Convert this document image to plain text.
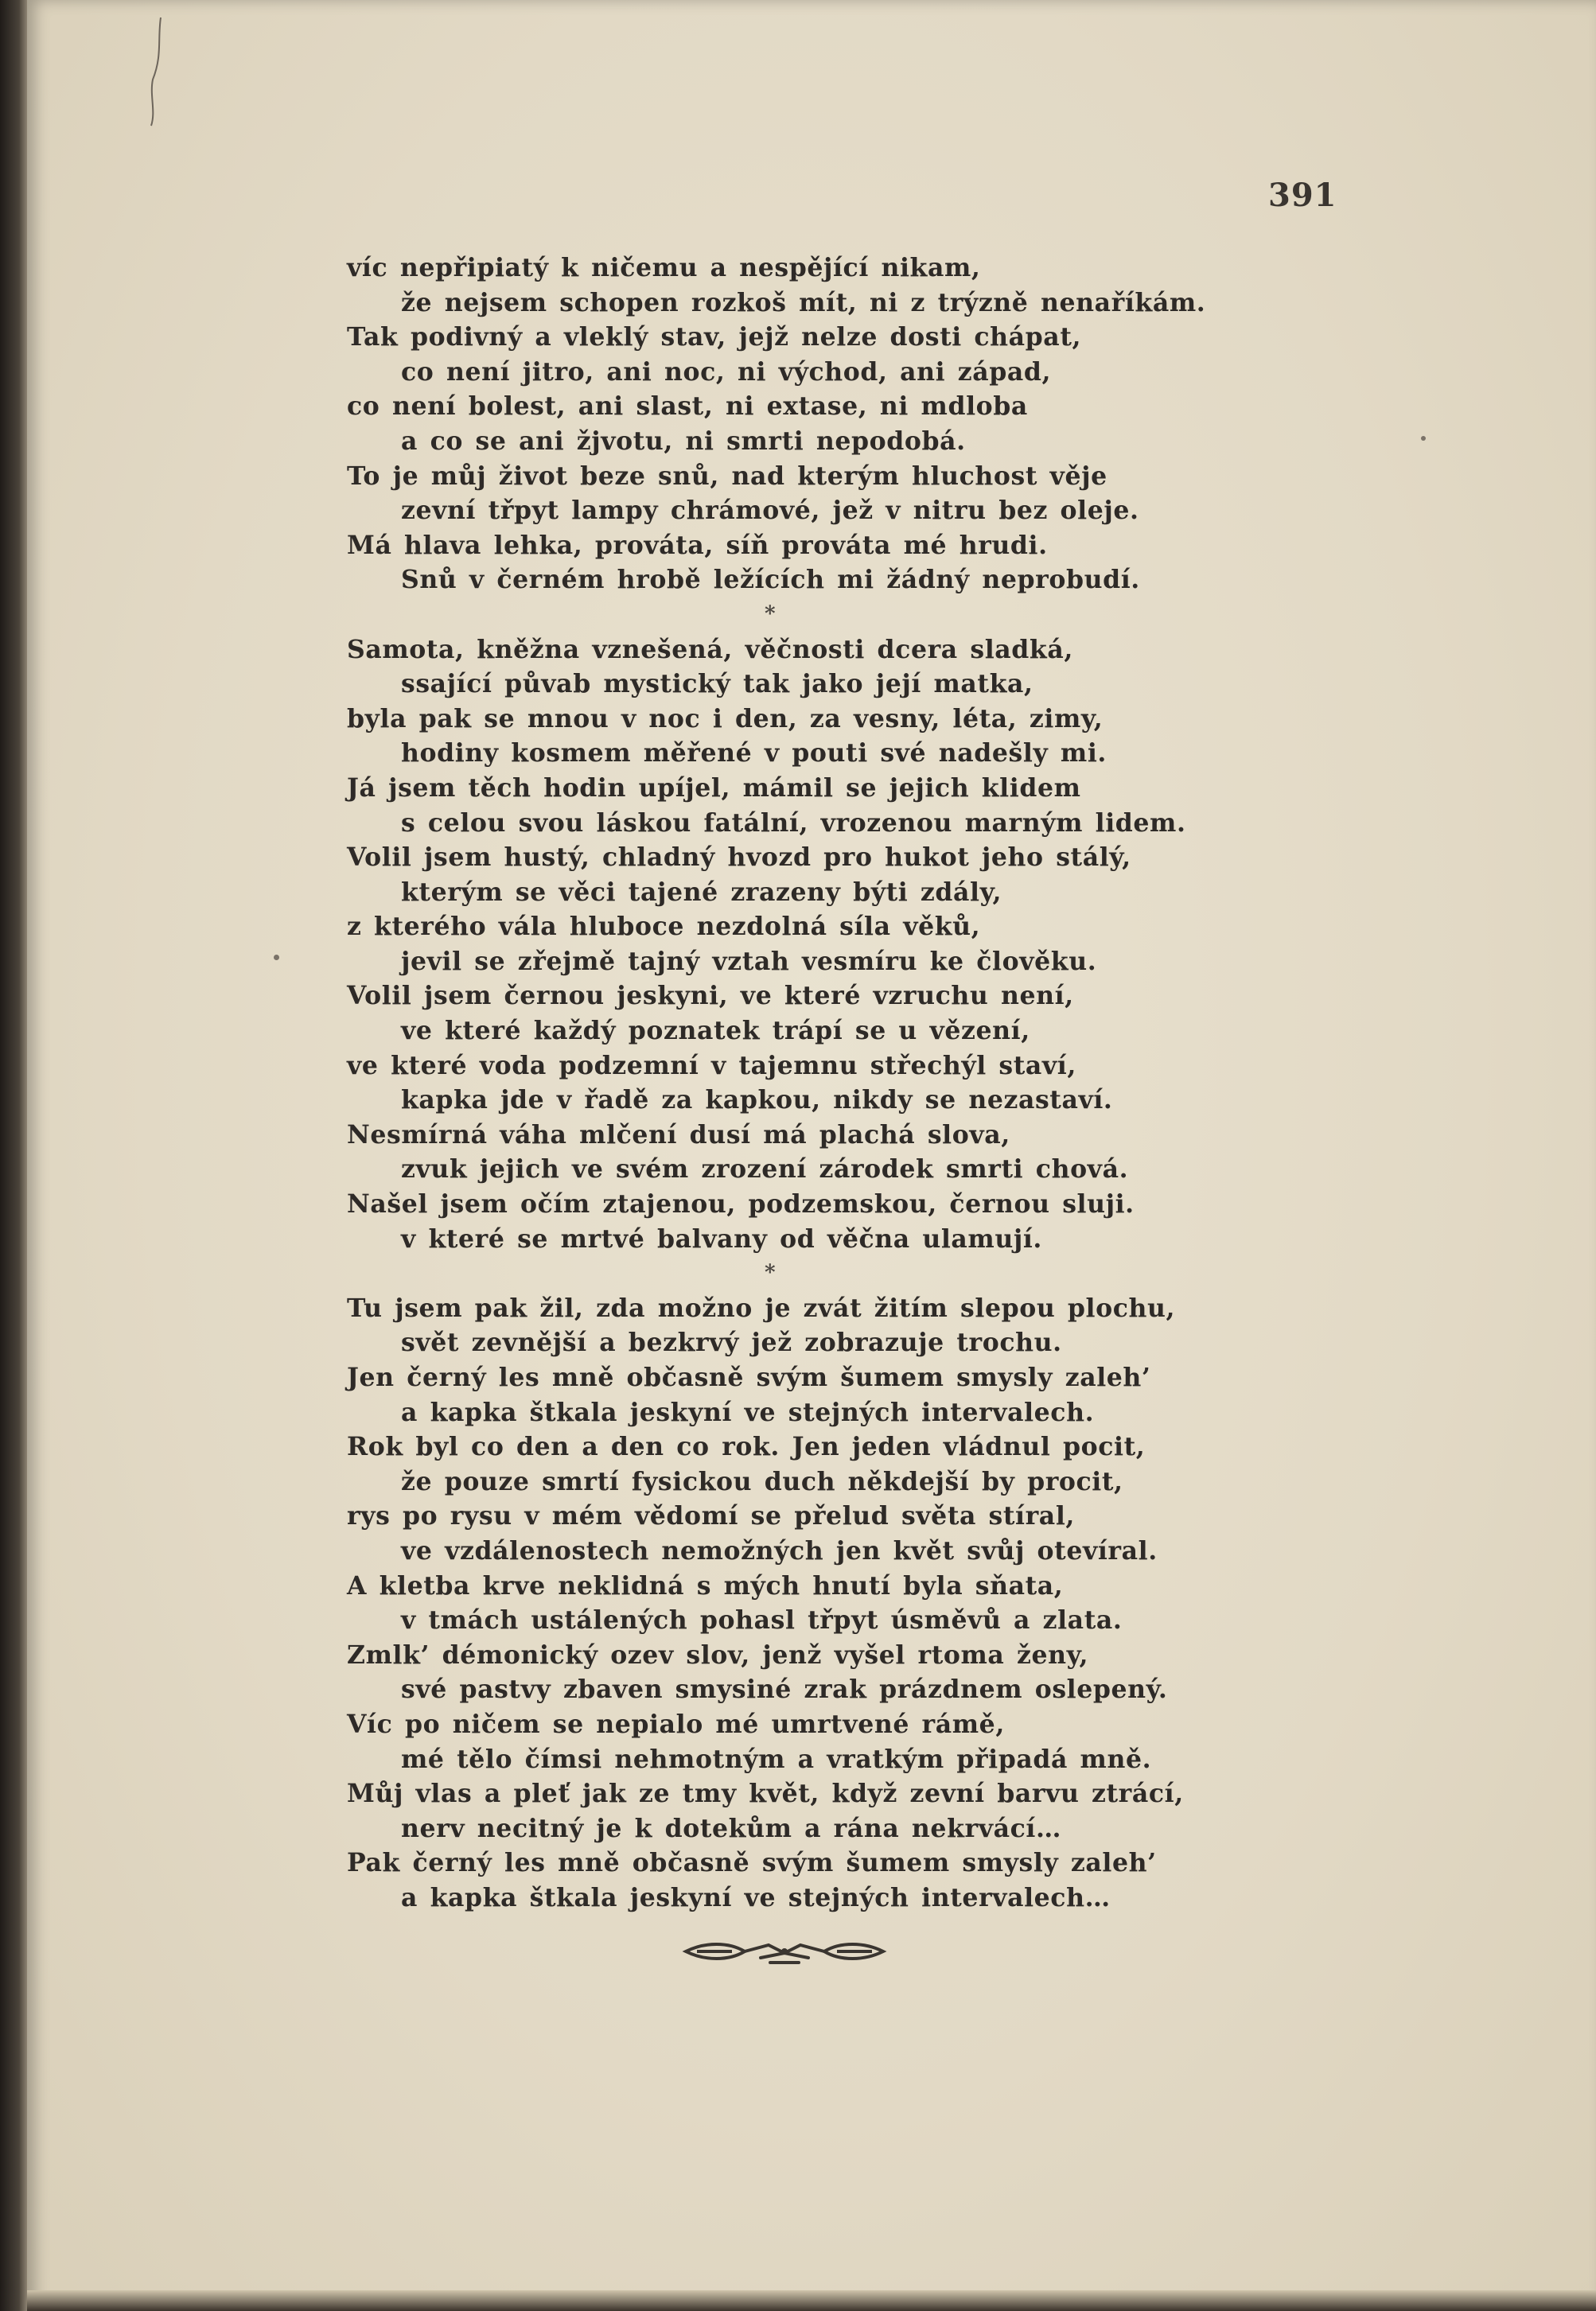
391
víc nepřipiatý k ničemu a nespějící nikam,
že nejsem schopen rozkoš mít, ni z trýzně nenaříkám.
Tak podivný a vleklý stav, jejž nelze dosti chápat,
co není jitro, ani noc, ni východ, ani západ,
co není bolest, ani slast, ni extase, ni mdloba
a co se ani žjvotu, ni smrti nepodobá.
To je můj život beze snů, nad kterým hluchost věje
zevní třpyt lampy chrámové, jež v nitru bez oleje.
Má hlava lehka, prováta, síň prováta mé hrudi.
Snů v černém hrobě ležících mi žádný neprobudí.
*
Samota, kněžna vznešená, věčnosti dcera sladká,
ssající půvab mystický tak jako její matka,
byla pak se mnou v noc i den, za vesny, léta, zimy,
hodiny kosmem měřené v pouti své nadešly mi.
Já jsem těch hodin upíjel, mámil se jejich klidem
s celou svou láskou fatální, vrozenou marným lidem.
Volil jsem hustý, chladný hvozd pro hukot jeho stálý,
kterým se věci tajené zrazeny býti zdály,
z kterého vála hluboce nezdolná síla věků,
jevil se zřejmě tajný vztah vesmíru ke člověku.
Volil jsem černou jeskyni, ve které vzruchu není,
ve které každý poznatek trápí se u vězení,
ve které voda podzemní v tajemnu střechýl staví,
kapka jde v řadě za kapkou, nikdy se nezastaví.
Nesmírná váha mlčení dusí má plachá slova,
zvuk jejich ve svém zrození zárodek smrti chová.
Našel jsem očím ztajenou, podzemskou, černou sluji.
v které se mrtvé balvany od věčna ulamují.
*
Tu jsem pak žil, zda možno je zvát žitím slepou plochu,
svět zevnější a bezkrvý jež zobrazuje trochu.
Jen černý les mně občasně svým šumem smysly zaleh’
a kapka štkala jeskyní ve stejných intervalech.
Rok byl co den a den co rok. Jen jeden vládnul pocit,
že pouze smrtí fysickou duch někdejší by procit,
rys po rysu v mém vědomí se přelud světa stíral,
ve vzdálenostech nemožných jen květ svůj otevíral.
A kletba krve neklidná s mých hnutí byla sňata,
v tmách ustálených pohasl třpyt úsměvů a zlata.
Zmlk’ démonický ozev slov, jenž vyšel rtoma ženy,
své pastvy zbaven smysiné zrak prázdnem oslepený.
Víc po ničem se nepialo mé umrtvené rámě,
mé tělo čímsi nehmotným a vratkým připadá mně.
Můj vlas a pleť jak ze tmy květ, když zevní barvu ztrácí,
nerv necitný je k dotekům a rána nekrvácí…
Pak černý les mně občasně svým šumem smysly zaleh’
a kapka štkala jeskyní ve stejných intervalech…
